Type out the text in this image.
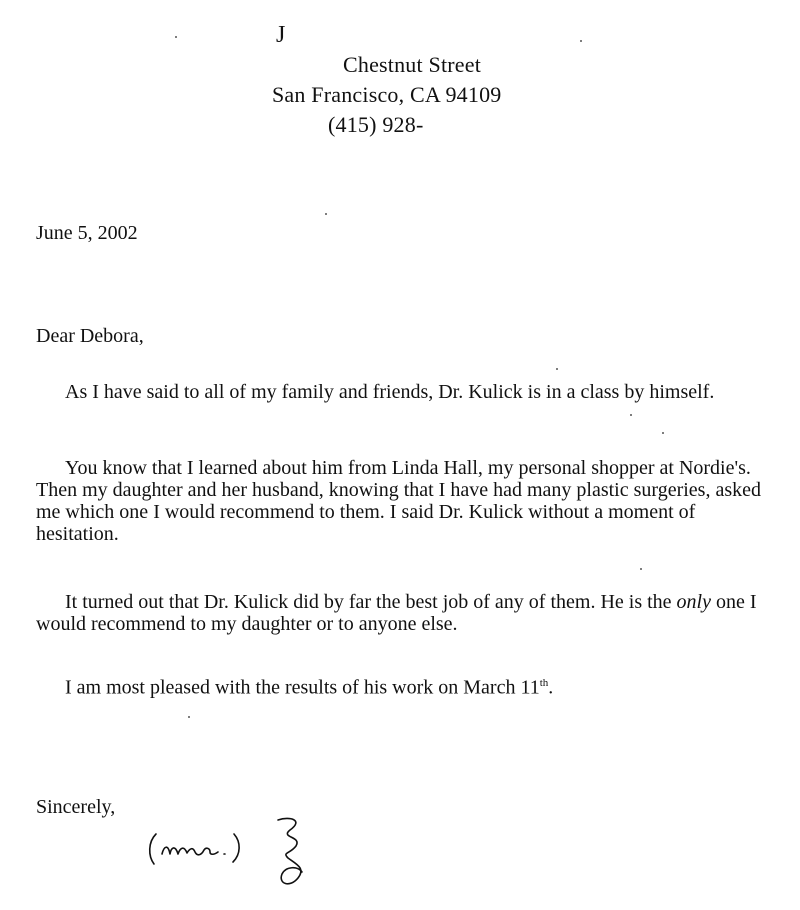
J
Chestnut Street
San Francisco, CA 94109
(415) 928-
June 5, 2002
Dear Debora,
As I have said to all of my family and friends, Dr. Kulick is in a class by himself.
You know that I learned about him from Linda Hall, my personal shopper at Nordie's. Then my daughter and her husband, knowing that I have had many plastic surgeries, asked me which one I would recommend to them. I said Dr. Kulick without a moment of hesitation.
It turned out that Dr. Kulick did by far the best job of any of them. He is the only one I would recommend to my daughter or to anyone else.
I am most pleased with the results of his work on March 11th.
Sincerely,
